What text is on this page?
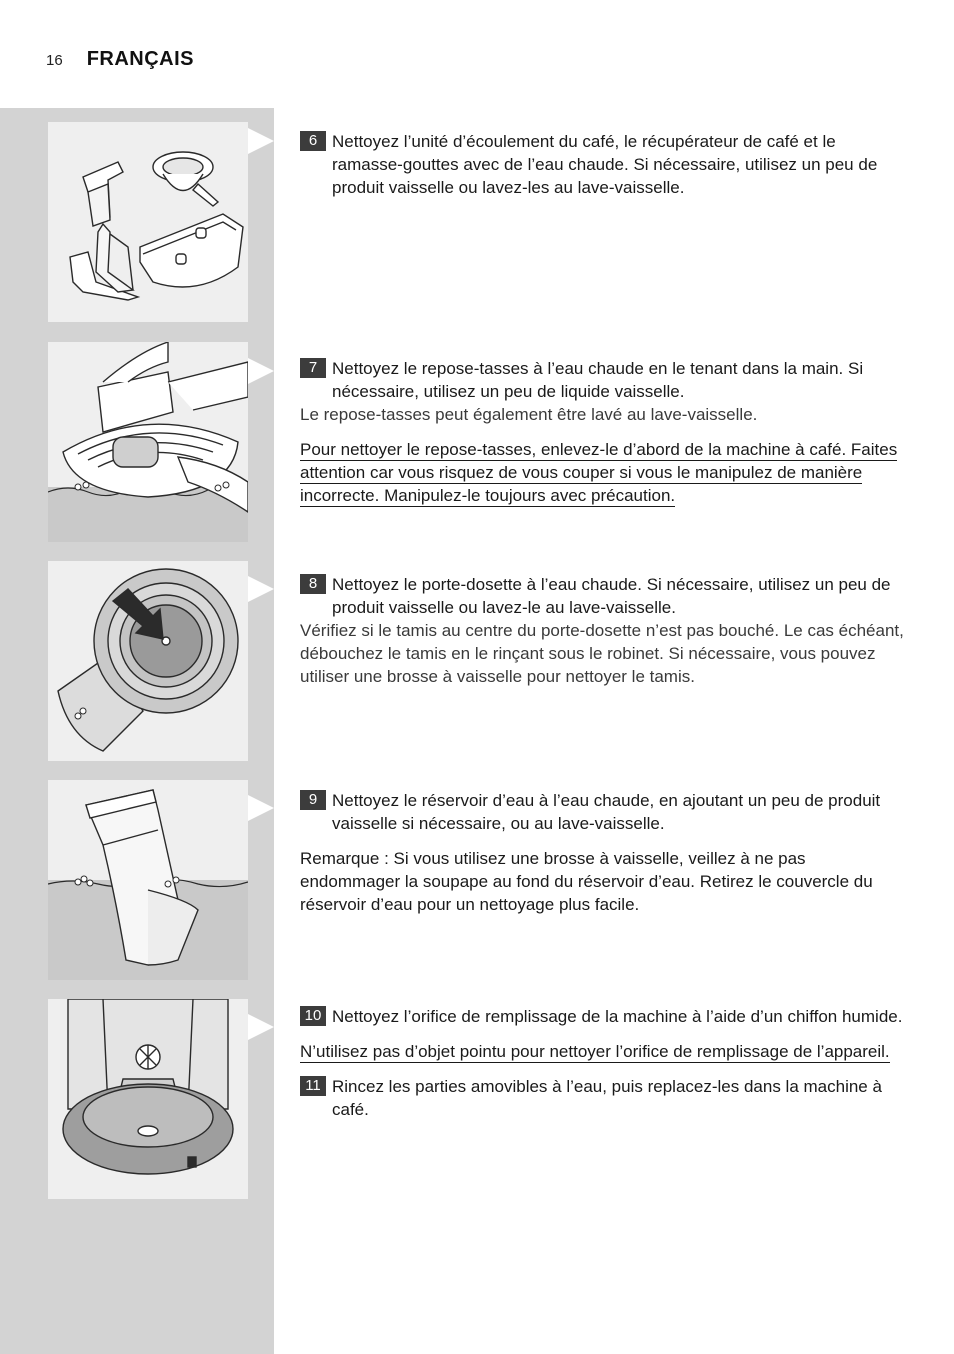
16 FRANÇAIS
6 Nettoyez l’unité d’écoulement du café, le récupérateur de café et le ramasse-gouttes avec de l’eau chaude. Si nécessaire, utilisez un peu de produit vaisselle ou lavez-les au lave-vaisselle.
7 Nettoyez le repose-tasses à l’eau chaude en le tenant dans la main. Si nécessaire, utilisez un peu de liquide vaisselle.
Le repose-tasses peut également être lavé au lave-vaisselle.
Pour nettoyer le repose-tasses, enlevez-le d’abord de la machine à café. Faites attention car vous risquez de vous couper si vous le manipulez de manière incorrecte. Manipulez-le toujours avec précaution.
8 Nettoyez le porte-dosette à l’eau chaude. Si nécessaire, utilisez un peu de produit vaisselle ou lavez-le au lave-vaisselle.
Vérifiez si le tamis au centre du porte-dosette n’est pas bouché. Le cas échéant, débouchez le tamis en le rinçant sous le robinet. Si nécessaire, vous pouvez utiliser une brosse à vaisselle pour nettoyer le tamis.
9 Nettoyez le réservoir d’eau à l’eau chaude, en ajoutant un peu de produit vaisselle si nécessaire, ou au lave-vaisselle.
Remarque : Si vous utilisez une brosse à vaisselle, veillez à ne pas endommager la soupape au fond du réservoir d’eau. Retirez le couvercle du réservoir d’eau pour un nettoyage plus facile.
10 Nettoyez l’orifice de remplissage de la machine à l’aide d’un chiffon humide.
N’utilisez pas d’objet pointu pour nettoyer l’orifice de remplissage de l’appareil.
11 Rincez les parties amovibles à l’eau, puis replacez-les dans la machine à café.
